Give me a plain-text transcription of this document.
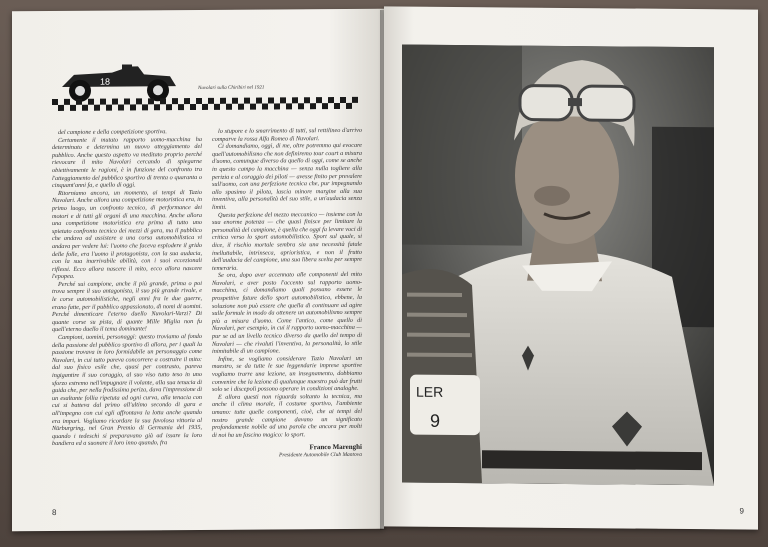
18
Nuvolari sulla Chiribiri nel 1921

del campione e della competizione sportiva.

Certamente il mutato rapporto uomo-macchina ha determinato e determina un nuovo atteggiamento del pubblico. Anche questo aspetto va meditato proprio perché rievocare il mito Nuvolari cercando di spiegarne obiettivamente le ragioni, è in funzione del confronto tra l'atteggiamento del pubblico sportivo di trenta o quaranta o cinquant'anni fa, e quello di oggi.

Ritorniamo ancora, un momento, ai tempi di Tazio Nuvolari. Anche allora una competizione motoristica era, in primo luogo, un confronto tecnico, di performance dei motori e di tutti gli organi di una macchina. Anche allora una competizione motoristica era prima di tutto uno spietato confronto tecnico dei mezzi di gara, ma il pubblico che andava ad assistere a una corsa automobilistica vi andava per vedere lui: l'uomo che faceva esplodere il grido delle folle, era l'uomo il protagonista, con la sua audacia, con la sua inarrivabile abilità, con i suoi eccezionali riflessi. Ecco allora nascere il mito, ecco allora nascere l'epopea.

Perché sui campione, anche il più grande, prima o poi trova sempre il suo antagonista, il suo più grande rivale, e le corse automobilistiche, negli anni fra le due guerre, erano fatte, per il pubblico appassionato, di nomi di uomini. Perché dimenticare l'eterno duello Nuvolari-Varzi? Di quante corse su pista, di quante Mille Miglia non fu quell'eterno duello il tema dominante!

Campioni, uomini, personaggi: questo troviamo al fondo della passione del pubblico sportivo di allora, per i quali la passione trovava in loro formidabile un personaggio come Nuvolari, in cui tutto pareva concorrere a costruire il mito: dal suo fisico esile che, quasi per contrasto, pareva ingigantire il suo coraggio, al suo viso tutto teso in uno sforzo estremo nell'impugnare il volante, alla sua tenacia di guida che, per nella frodissima periza, dava l'impressione di un esaltante follia ripetuta ad ogni curva, alla tenacia con cui si batteva dal primo all'ultimo secondo di gara e all'impegno con cui egli affrontava la lotta anche quando era impari. Vogliamo ricordare la sua favolosa vittoria al Nürburgring, nel Gran Premio di Germania del 1935, quando i tedeschi si preparavano già ad issare la loro bandiera ed a suonare il loro inno quando, fra

lo stupore e lo smarrimento di tutti, sul rettilineo d'arrivo comparve la rossa Alfa Romeo di Nuvolari.

Ci domandiamo, oggi, di me, oltre potremmo qui evocare quell'automobilismo che non definiremo tour court a misura d'uomo, comunque diverso da quello di oggi, come se anche in questo campo la macchina — senza nulla togliere alla perizia e al coraggio dei piloti — avesse finito per prevalere sull'uomo, con una perfezione tecnica che, pur impegnando allo spasimo il pilota, lascia minore margine alla sua inventiva, alla personalità del suo stile, a un'audacia senza limiti.

Questa perfezione del mezzo meccanico — insieme con la sua enorme potenza — che quasi finisce per limitare la personalità del campione, è quella che oggi fa levare voci di critica verso lo sport automobilistico. Sport sul quale, si dice, il rischio mortale sembra sia una necessità fatale inelluttabile, intrinseca, aprioristica, e non il frutto dell'audacia del campione, una sua libera scelta per sempre temeraria.

Se ora, dopo aver accennato alle componenti del mito Nuvolari, e aver posto l'accento sul rapporto uomo-macchina, ci domandiamo quali possano essere le prospettive future dello sport automobilistico, ebbene, la soluzione non può essere che quella di continuare ad agire sulle formule in modo da ottenere un automobilismo sempre più a misura d'uomo. Come l'antico, come quello di Nuvolari, per esempio, in cui il rapporto uomo-macchina — pur se ad un livello tecnico diverso da quello del tempo di Nuvolari — che rivaluti l'inventiva, la personalità, lo stile inimitabile di un campione.

Infine, se vogliamo considerare Tazio Nuvolari un maestro, se da tutte le sue leggendarie imprese sportive vogliamo trarre una lezione, un insegnamento, dobbiamo convenire che la lezione di qualunque maestro può dar frutti solo se i discepoli possono operare in condizioni analoghe.

E allora questi non riguarda soltanto la tecnica, ma anche il clima morale, il costume sportivo, l'ambiente umano: tutte quelle componenti, cioè, che ai tempi del nostro grande campione davano un significato profondamente nobile ad una parola che ancora per molti di noi ha un fascino magico: lo sport.

Franco Marenghi
Presidente Automobile Club Mantova
8
LER
9
9
